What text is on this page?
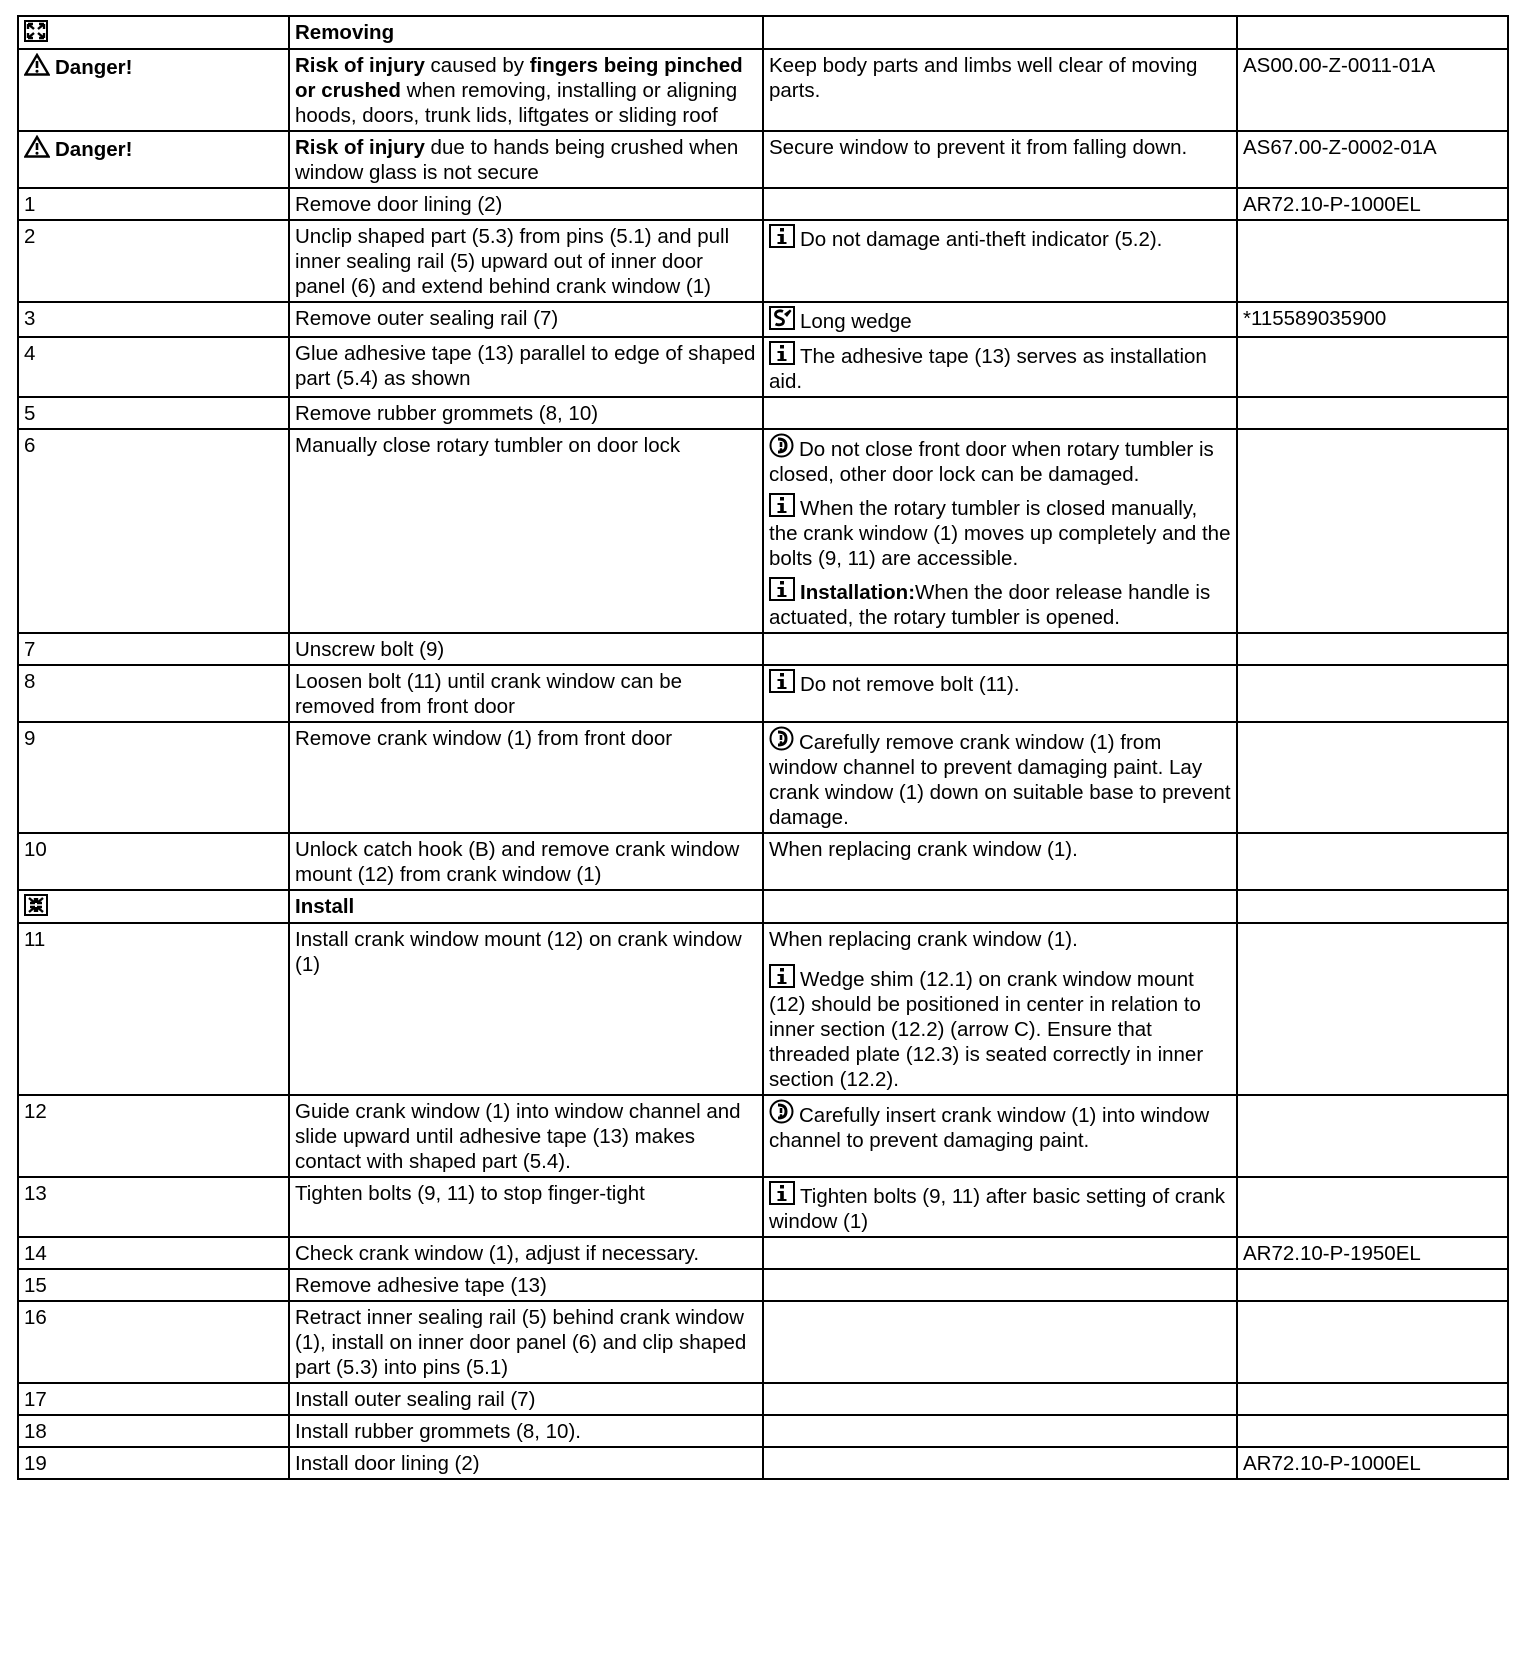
	Removing		

Danger!	Risk of injury caused by fingers being pinched or crushed when removing, installing or aligning hoods, doors, trunk lids, liftgates or sliding roof	Keep body parts and limbs well clear of moving parts.	AS00.00-Z-0011-01A

Danger!	Risk of injury due to hands being crushed when window glass is not secure	Secure window to prevent it from falling down.	AS67.00-Z-0002-01A
1	Remove door lining (2)		AR72.10-P-1000EL
2	Unclip shaped part (5.3) from pins (5.1) and pull inner sealing rail (5) upward out of inner door panel (6) and extend behind crank window (1)	Do not damage anti-theft indicator (5.2).	
3	Remove outer sealing rail (7)	Long wedge	*115589035900
4	Glue adhesive tape (13) parallel to edge of shaped part (5.4) as shown	The adhesive tape (13) serves as installation aid.	
5	Remove rubber grommets (8, 10)		
6	Manually close rotary tumbler on door lock	Do not close front door when rotary tumbler is closed, other door lock can be damaged.
When the rotary tumbler is closed manually, the crank window (1) moves up completely and the bolts (9, 11) are accessible.
Installation:When the door release handle is actuated, the rotary tumbler is opened.	

7	Unscrew bolt (9)		
8	Loosen bolt (11) until crank window can be removed from front door	Do not remove bolt (11).	
9	Remove crank window (1) from front door	Carefully remove crank window (1) from window channel to prevent damaging paint. Lay crank window (1) down on suitable base to prevent damage.	
10	Unlock catch hook (B) and remove crank window mount (12) from crank window (1)	When replacing crank window (1).	

	Install		
11	Install crank window mount (12) on crank window (1)	When replacing crank window (1).
Wedge shim (12.1) on crank window mount (12) should be positioned in center in relation to inner section (12.2) (arrow C). Ensure that threaded plate (12.3) is seated correctly in inner section (12.2).	

12	Guide crank window (1) into window channel and slide upward until adhesive tape (13) makes contact with shaped part (5.4).	Carefully insert crank window (1) into window channel to prevent damaging paint.	
13	Tighten bolts (9, 11) to stop finger-tight	Tighten bolts (9, 11) after basic setting of crank window (1)	
14	Check crank window (1), adjust if necessary.		AR72.10-P-1950EL
15	Remove adhesive tape (13)		
16	Retract inner sealing rail (5) behind crank window (1), install on inner door panel (6) and clip shaped part (5.3) into pins (5.1)		
17	Install outer sealing rail (7)		
18	Install rubber grommets (8, 10).		
19	Install door lining (2)		AR72.10-P-1000EL
